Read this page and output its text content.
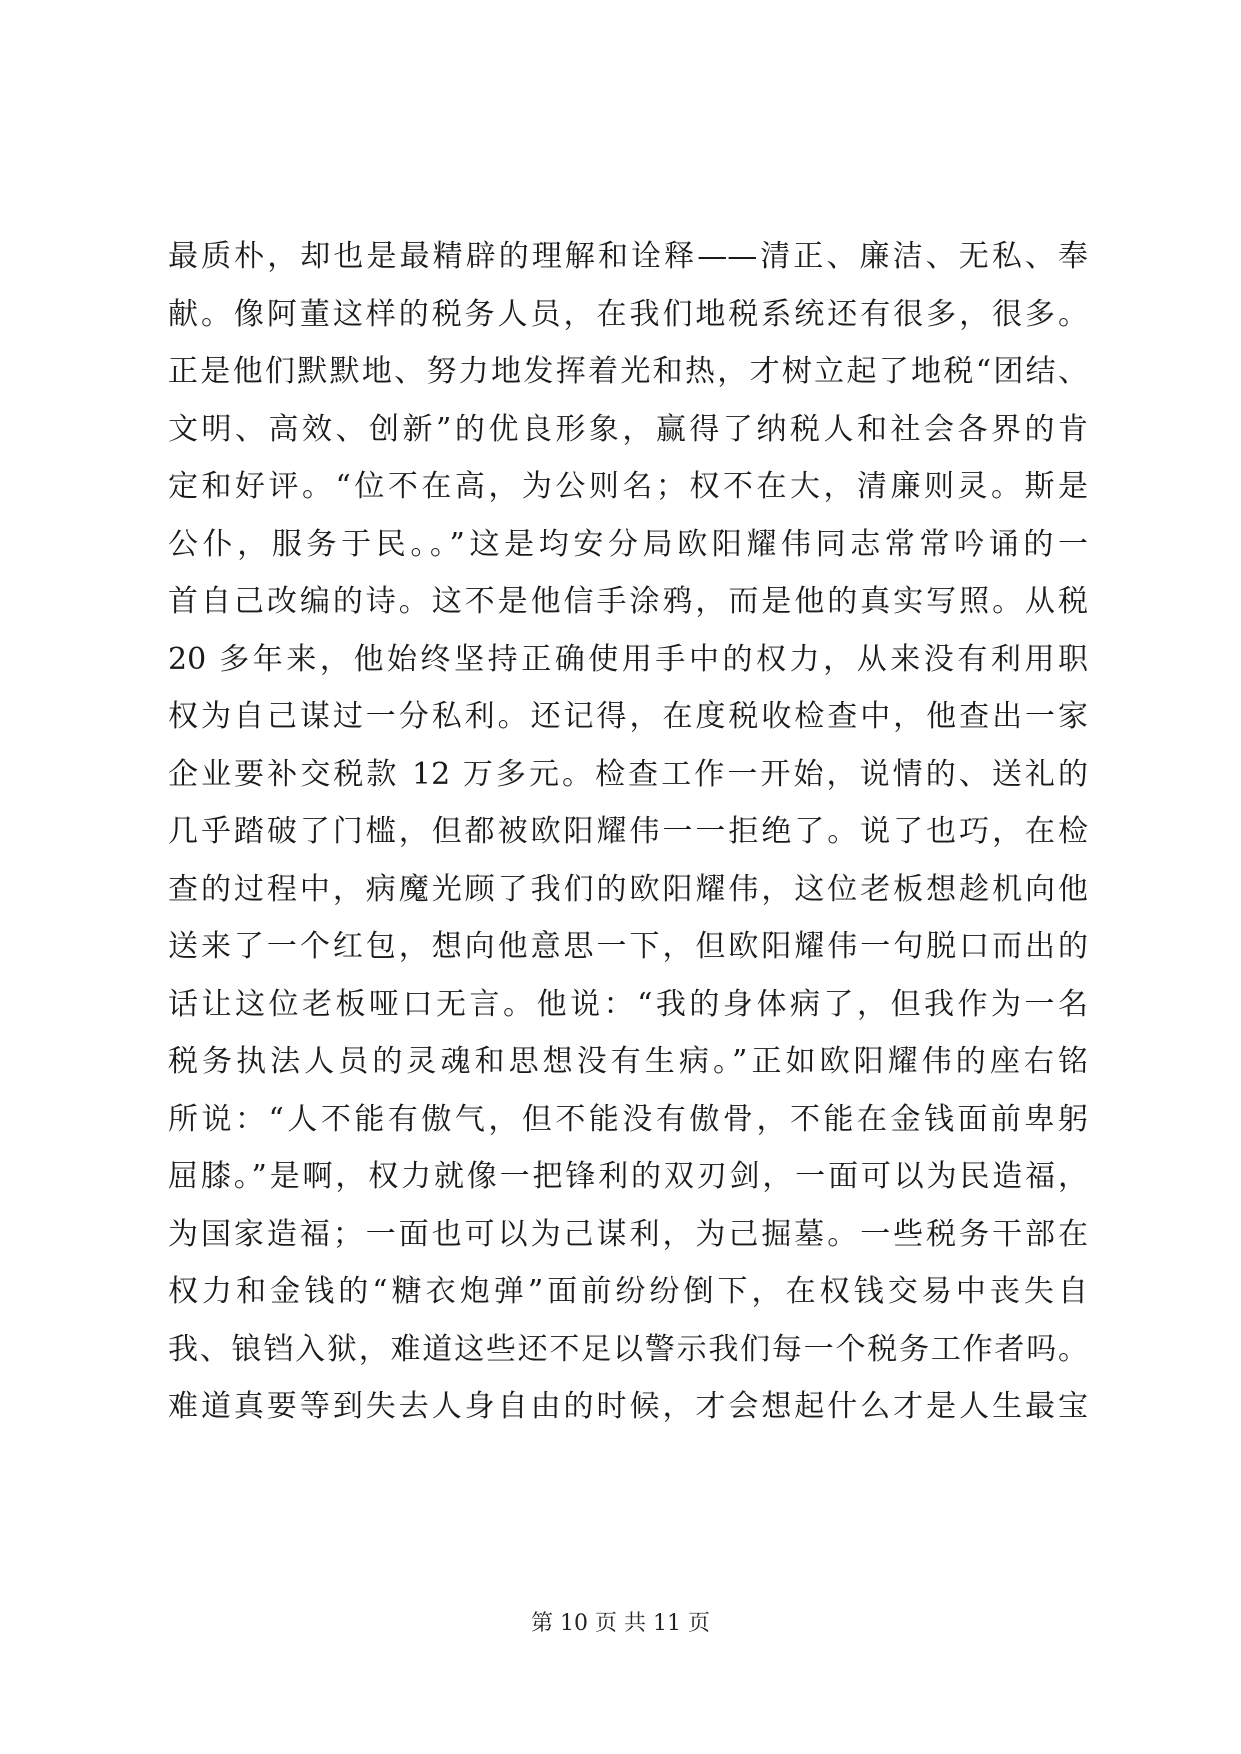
最质朴，却也是最精辟的理解和诠释——清正、廉洁、无私、奉
献。像阿董这样的税务人员，在我们地税系统还有很多，很多。
正是他们默默地、努力地发挥着光和热，才树立起了地税“团结、
文明、高效、创新”的优良形象，赢得了纳税人和社会各界的肯
定和好评。“位不在高，为公则名；权不在大，清廉则灵。斯是
公仆，服务于民。。”这是均安分局欧阳耀伟同志常常吟诵的一
首自己改编的诗。这不是他信手涂鸦，而是他的真实写照。从税
20 多年来，他始终坚持正确使用手中的权力，从来没有利用职
权为自己谋过一分私利。还记得，在度税收检查中，他查出一家
企业要补交税款 12 万多元。检查工作一开始，说情的、送礼的
几乎踏破了门槛，但都被欧阳耀伟一一拒绝了。说了也巧，在检
查的过程中，病魔光顾了我们的欧阳耀伟，这位老板想趁机向他
送来了一个红包，想向他意思一下，但欧阳耀伟一句脱口而出的
话让这位老板哑口无言。他说：“我的身体病了，但我作为一名
税务执法人员的灵魂和思想没有生病。”正如欧阳耀伟的座右铭
所说：“人不能有傲气，但不能没有傲骨，不能在金钱面前卑躬
屈膝。”是啊，权力就像一把锋利的双刃剑，一面可以为民造福，
为国家造福；一面也可以为己谋利，为己掘墓。一些税务干部在
权力和金钱的“糖衣炮弹”面前纷纷倒下，在权钱交易中丧失自
我、锒铛入狱，难道这些还不足以警示我们每一个税务工作者吗。
难道真要等到失去人身自由的时候，才会想起什么才是人生最宝
第 10 页 共 11 页
